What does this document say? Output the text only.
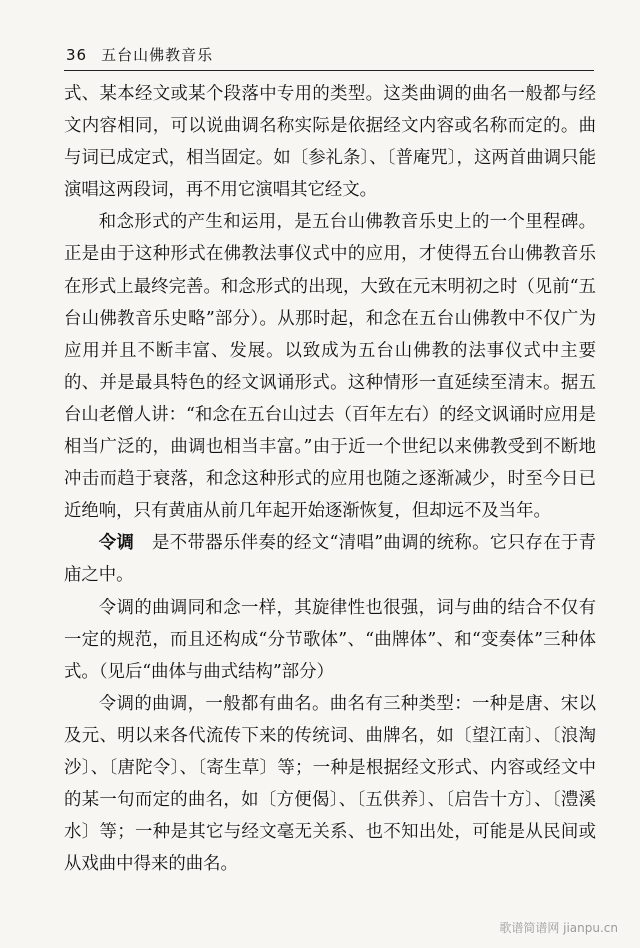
36 五台山佛教音乐

式、某本经文或某个段落中专用的类型。这类曲调的曲名一般都与经文内容相同，可以说曲调名称实际是依据经文内容或名称而定的。曲与词已成定式，相当固定。如〔参礼条〕、〔普庵咒〕，这两首曲调只能演唱这两段词，再不用它演唱其它经文。

和念形式的产生和运用，是五台山佛教音乐史上的一个里程碑。正是由于这种形式在佛教法事仪式中的应用，才使得五台山佛教音乐在形式上最终完善。和念形式的出现，大致在元末明初之时（见前“五台山佛教音乐史略”部分）。从那时起，和念在五台山佛教中不仅广为应用并且不断丰富、发展。以致成为五台山佛教的法事仪式中主要的、并是最具特色的经文讽诵形式。这种情形一直延续至清末。据五台山老僧人讲：“和念在五台山过去（百年左右）的经文讽诵时应用是相当广泛的，曲调也相当丰富。”由于近一个世纪以来佛教受到不断地冲击而趋于衰落，和念这种形式的应用也随之逐渐减少，时至今日已近绝响，只有黄庙从前几年起开始逐渐恢复，但却远不及当年。

令调　是不带器乐伴奏的经文“清唱”曲调的统称。它只存在于青庙之中。

令调的曲调同和念一样，其旋律性也很强，词与曲的结合不仅有一定的规范，而且还构成“分节歌体”、“曲牌体”、和“变奏体”三种体式。（见后“曲体与曲式结构”部分）

令调的曲调，一般都有曲名。曲名有三种类型：一种是唐、宋以及元、明以来各代流传下来的传统词、曲牌名，如〔望江南〕、〔浪淘沙〕、〔唐陀令〕、〔寄生草〕等；一种是根据经文形式、内容或经文中的某一句而定的曲名，如〔方便偈〕、〔五供养〕、〔启告十方〕、〔澧溪水〕等；一种是其它与经文毫无关系、也不知出处，可能是从民间或从戏曲中得来的曲名。

歌谱简谱网 jianpu.cn
